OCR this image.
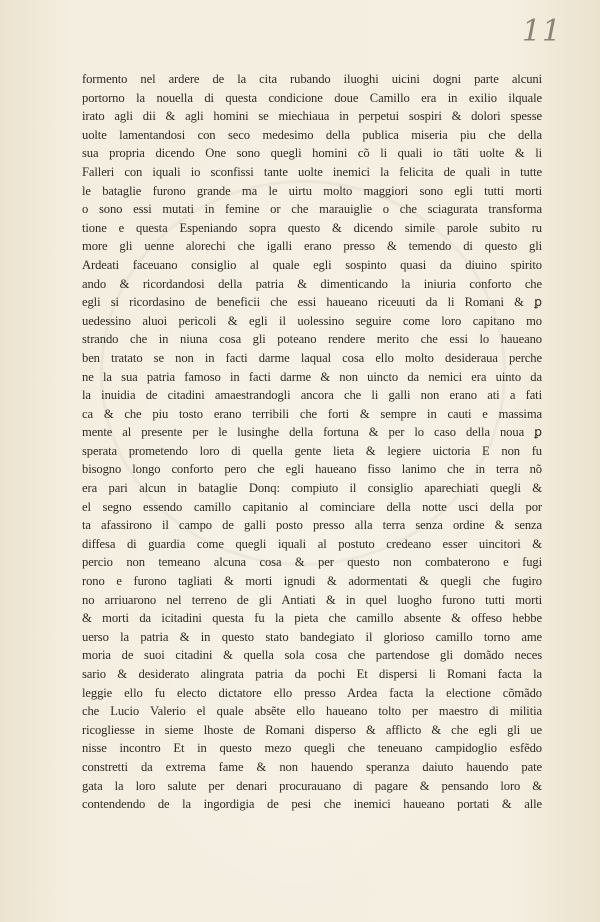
11
formento nel ardere de la cita rubando iluoghi uicini dogni parte alcuni
portorno la nouella di questa condicione doue Camillo era in exilio ilquale
irato agli dii & agli homini se miechiaua in perpetui sospiri & dolori spesse
uolte lamentandosi con seco medesimo della publica miseria piu che della
sua propria dicendo One sono quegli homini cõ li quali io tãti uolte & li
Falleri con iquali io sconfissi tante uolte inemici la felicita de quali in tutte
le bataglie furono grande ma le uirtu molto maggiori sono egli tutti morti
o sono essi mutati in femine or che marauiglie o che sciagurata transforma
tione e questa Espeniando sopra questo & dicendo simile parole subito ru
more gli uenne alorechi che igalli erano presso & temendo di questo gli
Ardeati faceuano consiglio al quale egli sospinto quasi da diuino spirito
ando & ricordandosi della patria & dimenticando la iniuria conforto che
egli si ricordasino de beneficii che essi haueano riceuuti da li Romani & ꝑ
uedessino aluoi pericoli & egli il uolessino seguire come loro capitano mo
strando che in niuna cosa gli poteano rendere merito che essi lo haueano
ben tratato se non in facti darme laqual cosa ello molto desideraua perche
ne la sua patria famoso in facti darme & non uincto da nemici era uinto da
la inuidia de citadini amaestrandogli ancora che li galli non erano ati a fati
ca & che piu tosto erano terribili che forti & sempre in cauti e massima
mente al presente per le lusinghe della fortuna & per lo caso della noua ꝑ
sperata prometendo loro di quella gente lieta & legiere uictoria E non fu
bisogno longo conforto pero che egli haueano fisso lanimo che in terra nõ
era pari alcun in bataglie Donq: compiuto il consiglio aparechiati quegli &
el segno essendo camillo capitanio al cominciare della notte usci della por
ta afassirono il campo de galli posto presso alla terra senza ordine & senza
diffesa di guardia come quegli iquali al postuto credeano esser uincitori &
percio non temeano alcuna cosa & per questo non combaterono e fugi
rono e furono tagliati & morti ignudi & adormentati & quegli che fugiro
no arriuarono nel terreno de gli Antiati & in quel luogho furono tutti morti
& morti da icitadini questa fu la pieta che camillo absente & offeso hebbe
uerso la patria & in questo stato bandegiato il glorioso camillo torno ame
moria de suoi citadini & quella sola cosa che partendose gli domãdo neces
sario & desiderato alingrata patria da pochi Et dispersi li Romani facta la
leggie ello fu electo dictatore ello presso Ardea facta la electione cõmãdo
che Lucio Valerio el quale absẽte ello haueano tolto per maestro di militia
ricogliesse in sieme lhoste de Romani disperso & afflicto & che egli gli ue
nisse incontro Et in questo mezo quegli che teneuano campidoglio esfẽdo
constretti da extrema fame & non hauendo speranza daiuto hauendo pate
gata la loro salute per denari procurauano di pagare & pensando loro &
contendendo de la ingordigia de pesi che inemici haueano portati & alle
